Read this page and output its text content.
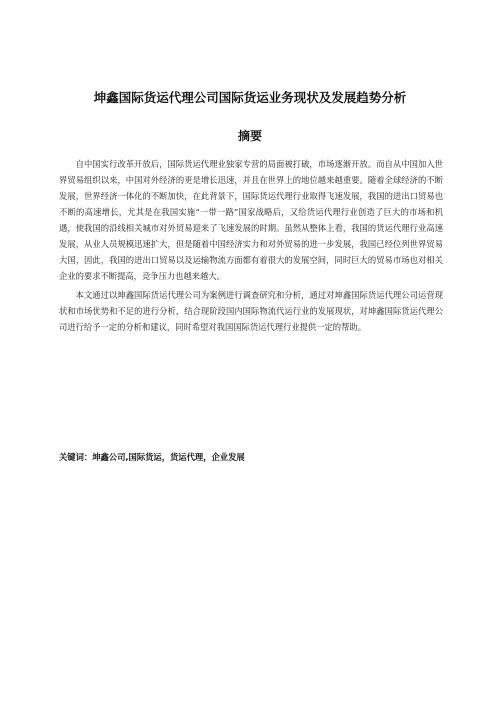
坤鑫国际货运代理公司国际货运业务现状及发展趋势分析
摘要

自中国实行改革开放后，国际货运代理业独家专营的局面被打破，市场逐渐开放。而自从中国加入世界贸易组织以来，中国对外经济的更是增长迅速，并且在世界上的地位越来越重要。随着全球经济的不断发展，世界经济一体化的不断加快，在此背景下，国际货运代理行业取得飞速发展，我国的进出口贸易也不断的高速增长，尤其是在我国实施“一带一路”国家战略后，又给货运代理行业创造了巨大的市场和机遇，使我国的沿线相关城市对外贸易迎来了飞速发展的时期。虽然从整体上看，我国的货运代理行业高速发展，从业人员规模迅速扩大，但是随着中国经济实力和对外贸易的进一步发展，我国已经位列世界贸易大国，因此，我国的进出口贸易以及运输物流方面都有着很大的发展空间，同时巨大的贸易市场也对相关企业的要求不断提高，竞争压力也越来越大。

本文通过以坤鑫国际货运代理公司为案例进行调查研究和分析，通过对坤鑫国际货运代理公司运营现状和市场优势和不足的进行分析，结合现阶段国内国际物流代运行业的发展现状，对坤鑫国际货运代理公司进行给予一定的分析和建议，同时希望对我国国际货运代理行业提供一定的帮助。

关键词：坤鑫公司,国际货运，货运代理，企业发展
